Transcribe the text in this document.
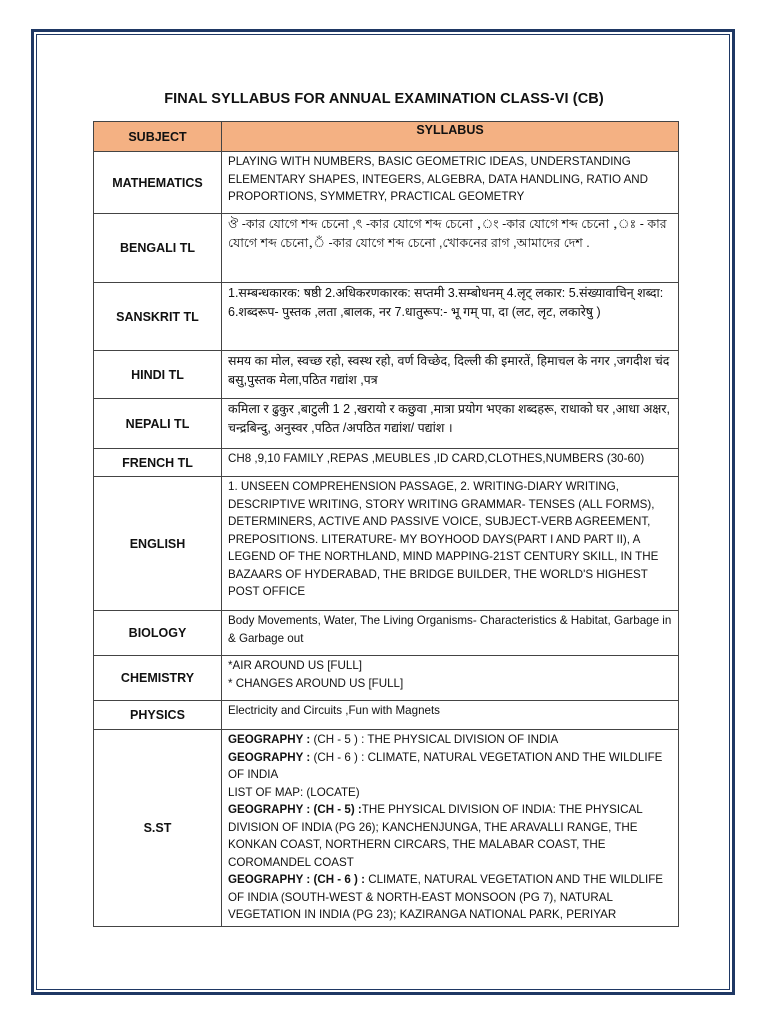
FINAL SYLLABUS FOR ANNUAL EXAMINATION CLASS-VI (CB)
SUBJECT	SYLLABUS
MATHEMATICS	PLAYING WITH NUMBERS, BASIC GEOMETRIC IDEAS, UNDERSTANDING ELEMENTARY SHAPES, INTEGERS, ALGEBRA, DATA HANDLING, RATIO AND PROPORTIONS, SYMMETRY, PRACTICAL GEOMETRY
BENGALI TL	ঔ -কার যোগে শব্দ চেনো ,ৎ -কার যোগে শব্দ চেনো ,ং -কার যোগে শব্দ চেনো ,ঃ - কার যোগে শব্দ চেনো,ঁ -কার যোগে শব্দ চেনো ,খোকনের রাগ ,আমাদের দেশ .
SANSKRIT TL	1.सम्बन्धकारक: षष्ठी 2.अधिकरणकारक: सप्तमी 3.सम्बोधनम् 4.लृट् लकार: 5.संख्यावाचिन् शब्दा: 6.शब्दरूप- पुस्तक ,लता ,बालक, नर 7.धातुरूप:- भू गम् पा, दा (लट, लृट, लकारेषु )
HINDI TL	समय का मोल, स्वच्छ रहो, स्वस्थ रहो, वर्ण विच्छेद, दिल्ली की इमारतें, हिमाचल के नगर ,जगदीश चंद बसु,पुस्तक मेला,पठित गद्यांश ,पत्र
NEPALI TL	कमिला र ढुकुर ,बाटुली 1 2 ,खरायो र कछुवा ,मात्रा प्रयोग भएका शब्दहरू, राधाको घर ,आधा अक्षर, चन्द्रबिन्दु, अनुस्वर ,पठित /अपठित गद्यांश/ पद्यांश ।
FRENCH TL	CH8 ,9,10 FAMILY ,REPAS ,MEUBLES ,ID CARD,CLOTHES,NUMBERS (30-60)
ENGLISH	1. UNSEEN COMPREHENSION PASSAGE, 2. WRITING-DIARY WRITING, DESCRIPTIVE WRITING, STORY WRITING GRAMMAR- TENSES (ALL FORMS), DETERMINERS, ACTIVE AND PASSIVE VOICE, SUBJECT-VERB AGREEMENT, PREPOSITIONS. LITERATURE- MY BOYHOOD DAYS(PART I AND PART II), A LEGEND OF THE NORTHLAND, MIND MAPPING-21ST CENTURY SKILL, IN THE BAZAARS OF HYDERABAD, THE BRIDGE BUILDER, THE WORLD'S HIGHEST POST OFFICE
BIOLOGY	Body Movements, Water, The Living Organisms- Characteristics & Habitat, Garbage in & Garbage out
CHEMISTRY	*AIR AROUND US [FULL]
* CHANGES AROUND US [FULL]
PHYSICS	Electricity and Circuits ,Fun with Magnets
S.ST	GEOGRAPHY : (CH - 5 ) : THE PHYSICAL DIVISION OF INDIA
GEOGRAPHY : (CH - 6 ) : CLIMATE, NATURAL VEGETATION AND THE WILDLIFE OF INDIA
LIST OF MAP: (LOCATE)
GEOGRAPHY : (CH - 5) :THE PHYSICAL DIVISION OF INDIA: THE PHYSICAL DIVISION OF INDIA (PG 26); KANCHENJUNGA, THE ARAVALLI RANGE, THE KONKAN COAST, NORTHERN CIRCARS, THE MALABAR COAST, THE COROMANDEL COAST
GEOGRAPHY : (CH - 6 ) : CLIMATE, NATURAL VEGETATION AND THE WILDLIFE OF INDIA (SOUTH-WEST & NORTH-EAST MONSOON (PG 7), NATURAL VEGETATION IN INDIA (PG 23); KAZIRANGA NATIONAL PARK, PERIYAR
